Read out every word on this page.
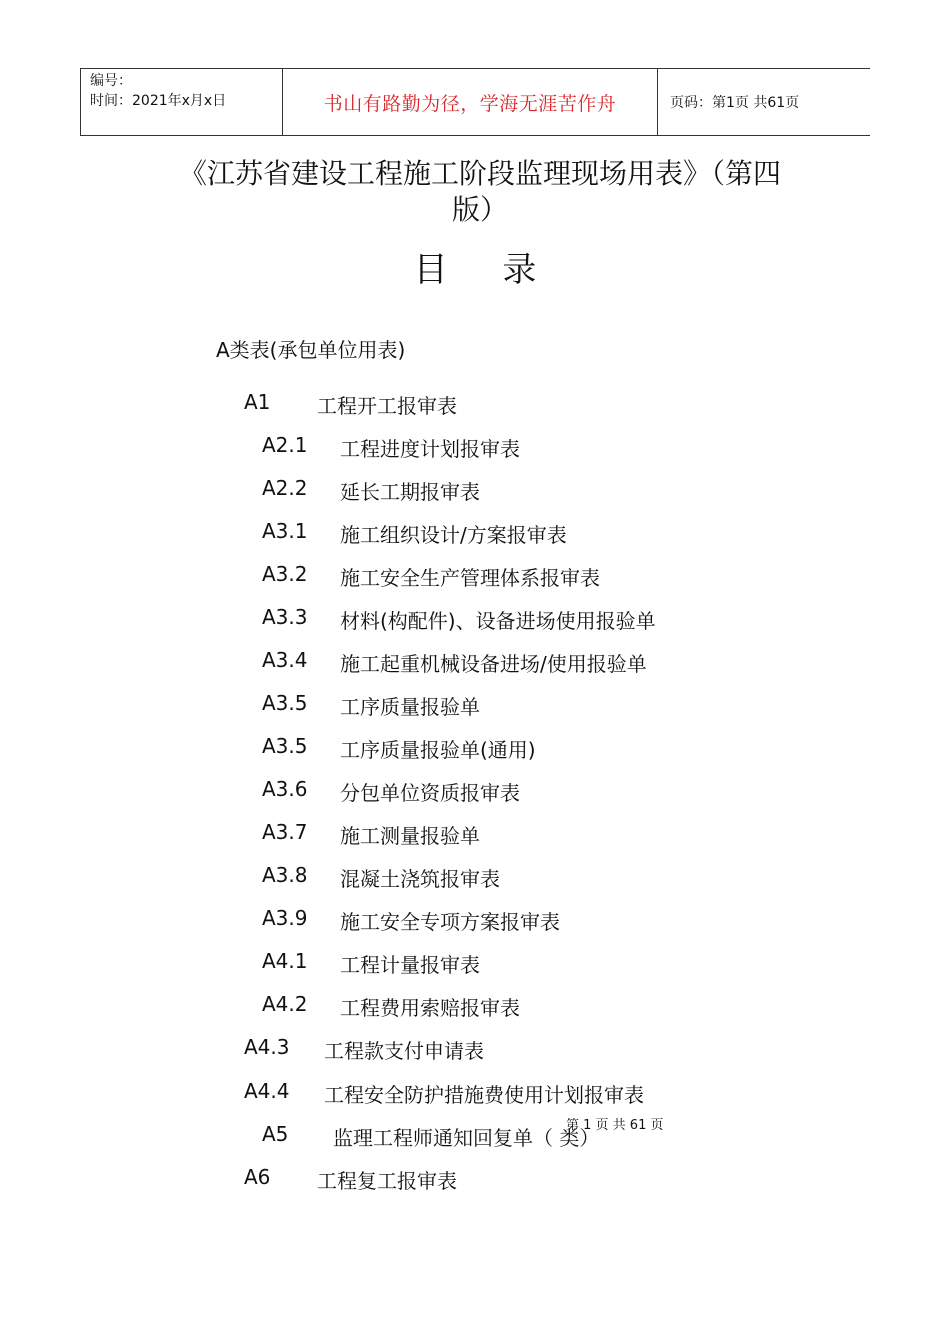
编号：
时间：2021年x月x日	书山有路勤为径，学海无涯苦作舟	页码：第1页 共61页
《江苏省建设工程施工阶段监理现场用表》（第四版）
目 录
A类表(承包单位用表)
A1 工程开工报审表
A2.1 工程进度计划报审表
A2.2 延长工期报审表
A3.1 施工组织设计/方案报审表
A3.2 施工安全生产管理体系报审表
A3.3 材料(构配件)、设备进场使用报验单
A3.4 施工起重机械设备进场/使用报验单
A3.5 工序质量报验单
A3.5 工序质量报验单(通用)
A3.6 分包单位资质报审表
A3.7 施工测量报验单
A3.8 混凝土浇筑报审表
A3.9 施工安全专项方案报审表
A4.1 工程计量报审表
A4.2 工程费用索赔报审表
A4.3 工程款支付申请表
A4.4 工程安全防护措施费使用计划报审表
A5 监理工程师通知回复单（ 类）
A6 工程复工报审表
第 1 页 共 61 页
